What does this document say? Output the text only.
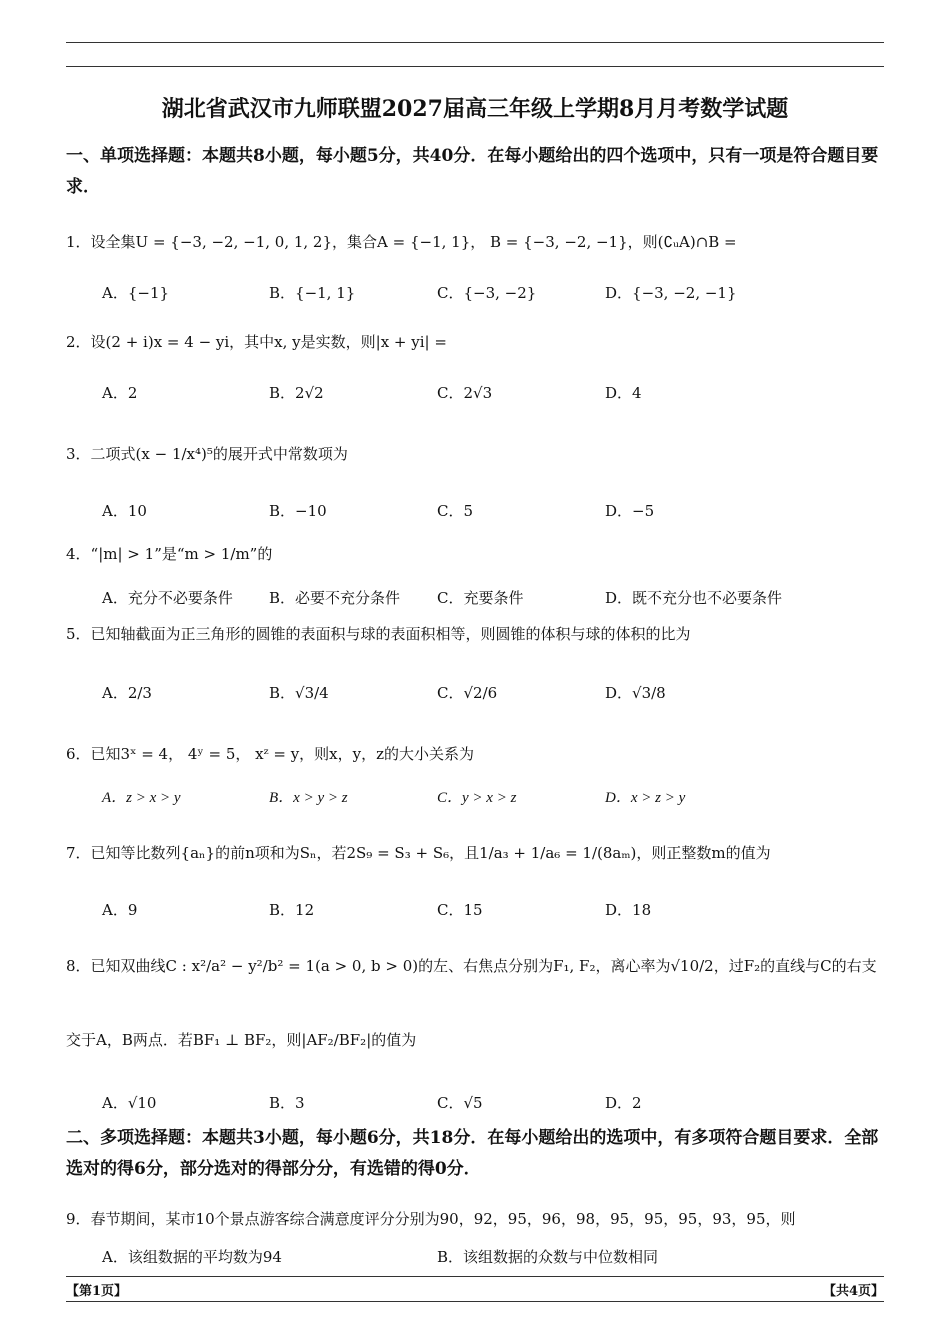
湖北省武汉市九师联盟2027届高三年级上学期8月月考数学试题
一、单项选择题：本题共8小题，每小题5分，共40分．在每小题给出的四个选项中，只有一项是符合题目要求．
1．设全集U = {−3, −2, −1, 0, 1, 2}，集合A = {−1, 1}， B = {−3, −2, −1}，则(∁ᵤA)∩B =
A．{−1}	B．{−1, 1}	C．{−3, −2}	D．{−3, −2, −1}
2．设(2 + i)x = 4 − yi，其中x, y是实数，则|x + yi| =
A．2	B．2√2	C．2√3	D．4
3．二项式(x − 1/x⁴)⁵的展开式中常数项为
A．10	B．−10	C．5	D．−5
4．“|m| > 1”是“m > 1/m”的
A．充分不必要条件 B．必要不充分条件 C．充要条件	D．既不充分也不必要条件
5．已知轴截面为正三角形的圆锥的表面积与球的表面积相等，则圆锥的体积与球的体积的比为
A．2/3	B．√3/4	C．√2/6	D．√3/8
6．已知3ˣ = 4， 4ʸ = 5， xᶻ = y，则x，y，z的大小关系为
A．z > x > y	B．x > y > z	C．y > x > z	D．x > z > y
7．已知等比数列{aₙ}的前n项和为Sₙ，若2S₉ = S₃ + S₆，且1/a₃ + 1/a₆ = 1/(8aₘ)，则正整数m的值为
A．9	B．12	C．15	D．18
8．已知双曲线C : x²/a² − y²/b² = 1(a > 0, b > 0)的左、右焦点分别为F₁, F₂，离心率为√10/2，过F₂的直线与C的右支
交于A，B两点．若BF₁ ⊥ BF₂，则|AF₂/BF₂|的值为
A．√10	B．3	C．√5	D．2
二、多项选择题：本题共3小题，每小题6分，共18分．在每小题给出的选项中，有多项符合题目要求．全部选对的得6分，部分选对的得部分分，有选错的得0分．
9．春节期间，某市10个景点游客综合满意度评分分别为90，92，95，96，98，95，95，95，93，95，则
A．该组数据的平均数为94	B．该组数据的众数与中位数相同
【第1页】	【共4页】
